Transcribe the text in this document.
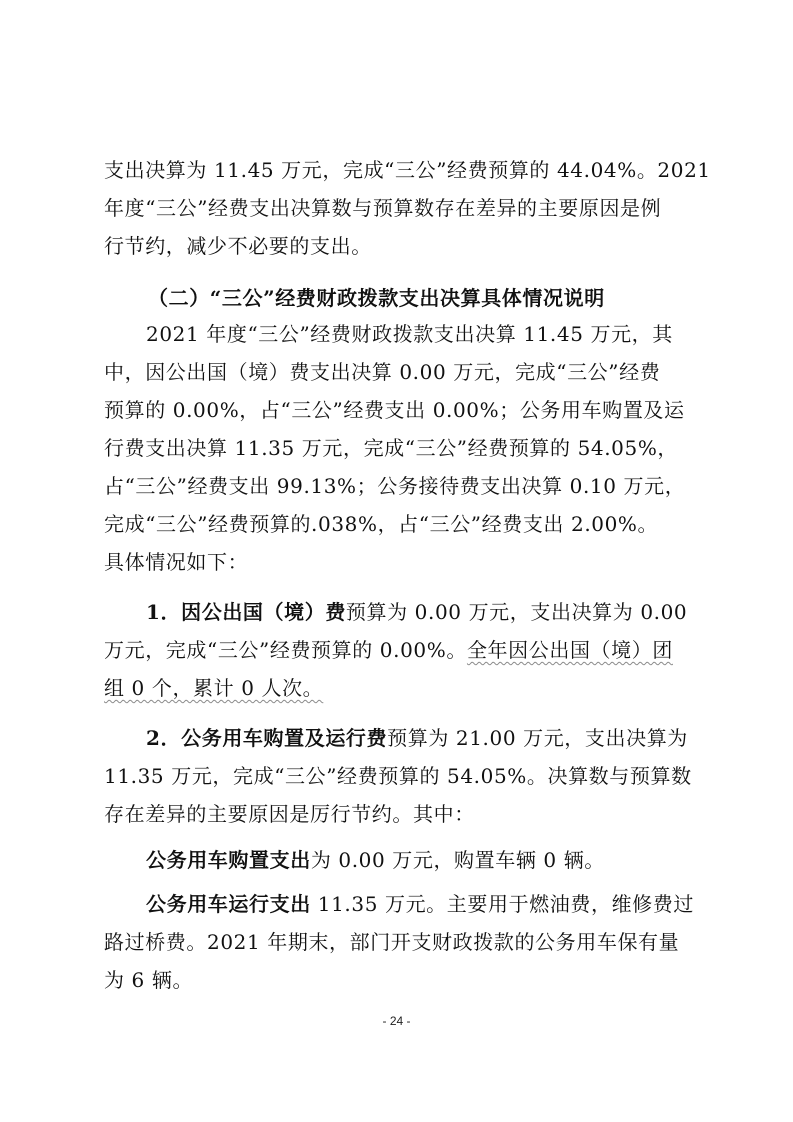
支出决算为 11.45 万元，完成“三公”经费预算的 44.04%。2021
年度“三公”经费支出决算数与预算数存在差异的主要原因是例
行节约，减少不必要的支出。
（二）“三公”经费财政拨款支出决算具体情况说明
2021 年度“三公”经费财政拨款支出决算 11.45 万元，其
中，因公出国（境）费支出决算 0.00 万元，完成“三公”经费
预算的 0.00%，占“三公”经费支出 0.00%；公务用车购置及运
行费支出决算 11.35 万元，完成“三公”经费预算的 54.05%，
占“三公”经费支出 99.13%；公务接待费支出决算 0.10 万元，
完成“三公”经费预算的.038%，占“三公”经费支出 2.00%。
具体情况如下：
1．因公出国（境）费预算为 0.00 万元，支出决算为 0.00
万元，完成“三公”经费预算的 0.00%。全年因公出国（境）团
组 0 个，累计 0 人次。
2．公务用车购置及运行费预算为 21.00 万元，支出决算为
11.35 万元，完成“三公”经费预算的 54.05%。决算数与预算数
存在差异的主要原因是厉行节约。其中：
公务用车购置支出为 0.00 万元，购置车辆 0 辆。
公务用车运行支出 11.35 万元。主要用于燃油费，维修费过
路过桥费。2021 年期末，部门开支财政拨款的公务用车保有量
为 6 辆。
- 24 -
